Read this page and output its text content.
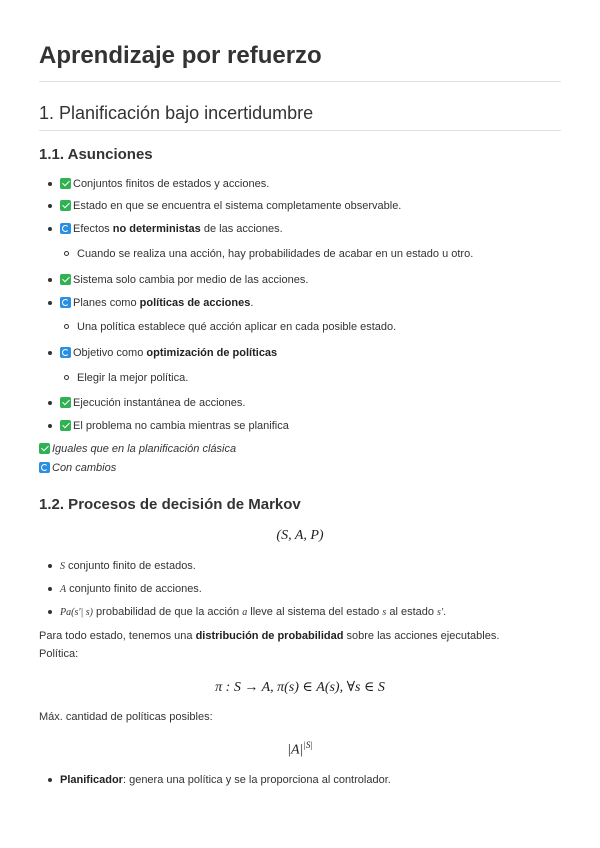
Aprendizaje por refuerzo
1. Planificación bajo incertidumbre
1.1. Asunciones
Conjuntos finitos de estados y acciones.
Estado en que se encuentra el sistema completamente observable.
Efectos no deterministas de las acciones.
Cuando se realiza una acción, hay probabilidades de acabar en un estado u otro.
Sistema solo cambia por medio de las acciones.
Planes como políticas de acciones.
Una política establece qué acción aplicar en cada posible estado.
Objetivo como optimización de políticas
Elegir la mejor política.
Ejecución instantánea de acciones.
El problema no cambia mientras se planifica
Iguales que en la planificación clásica
Con cambios
1.2. Procesos de decisión de Markov
(S, A, P)
S conjunto finito de estados.
A conjunto finito de acciones.
Pa(s′| s) probabilidad de que la acción a lleve al sistema del estado s al estado s′.
Para todo estado, tenemos una distribución de probabilidad sobre las acciones ejecutables.
Política:
π : S → A, π(s) ∈ A(s), ∀s ∈ S
Máx. cantidad de políticas posibles:
$|A|^{|S|}$
Planificador: genera una política y se la proporciona al controlador.
